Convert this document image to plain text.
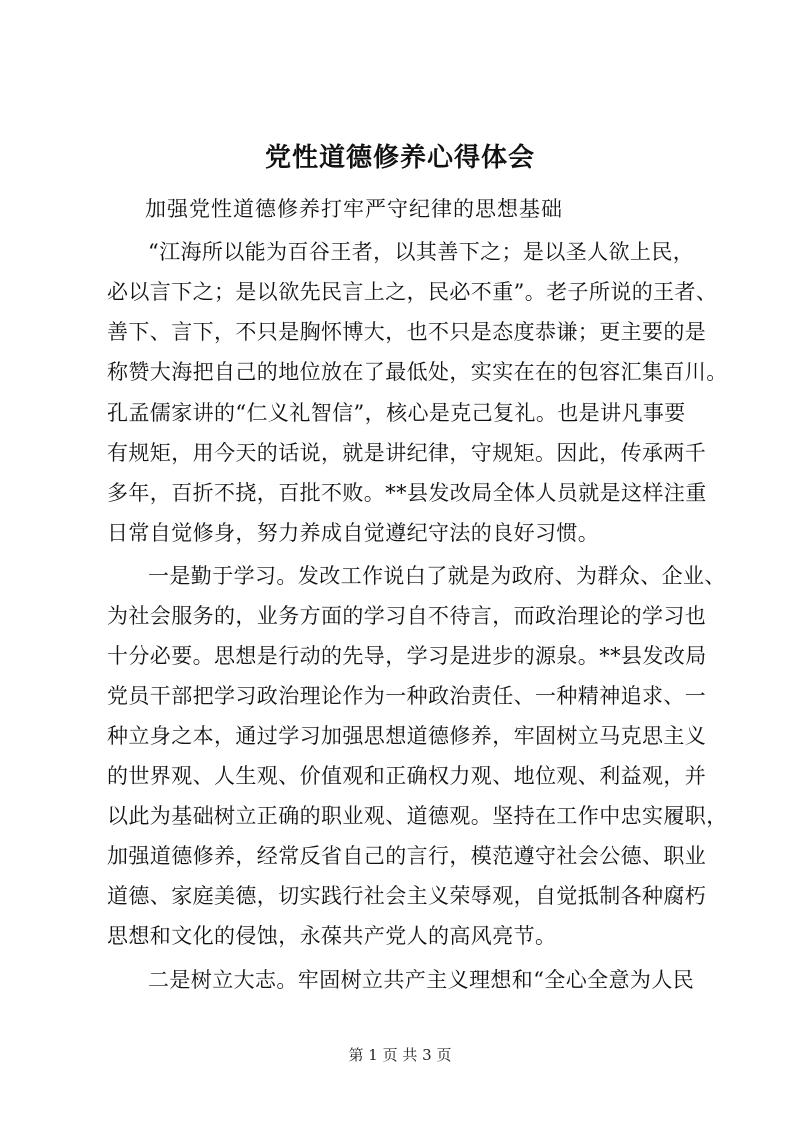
党性道德修养心得体会

加强党性道德修养打牢严守纪律的思想基础

“江海所以能为百谷王者，以其善下之；是以圣人欲上民，

必以言下之；是以欲先民言上之，民必不重”。老子所说的王者、

善下、言下，不只是胸怀博大，也不只是态度恭谦；更主要的是

称赞大海把自己的地位放在了最低处，实实在在的包容汇集百川。

孔孟儒家讲的“仁义礼智信”，核心是克己复礼。也是讲凡事要

有规矩，用今天的话说，就是讲纪律，守规矩。因此，传承两千

多年，百折不挠，百批不败。**县发改局全体人员就是这样注重

日常自觉修身，努力养成自觉遵纪守法的良好习惯。

一是勤于学习。发改工作说白了就是为政府、为群众、企业、

为社会服务的，业务方面的学习自不待言，而政治理论的学习也

十分必要。思想是行动的先导，学习是进步的源泉。**县发改局

党员干部把学习政治理论作为一种政治责任、一种精神追求、一

种立身之本，通过学习加强思想道德修养，牢固树立马克思主义

的世界观、人生观、价值观和正确权力观、地位观、利益观，并

以此为基础树立正确的职业观、道德观。坚持在工作中忠实履职，

加强道德修养，经常反省自己的言行，模范遵守社会公德、职业

道德、家庭美德，切实践行社会主义荣辱观，自觉抵制各种腐朽

思想和文化的侵蚀，永葆共产党人的高风亮节。

二是树立大志。牢固树立共产主义理想和“全心全意为人民

第 1 页 共 3 页
